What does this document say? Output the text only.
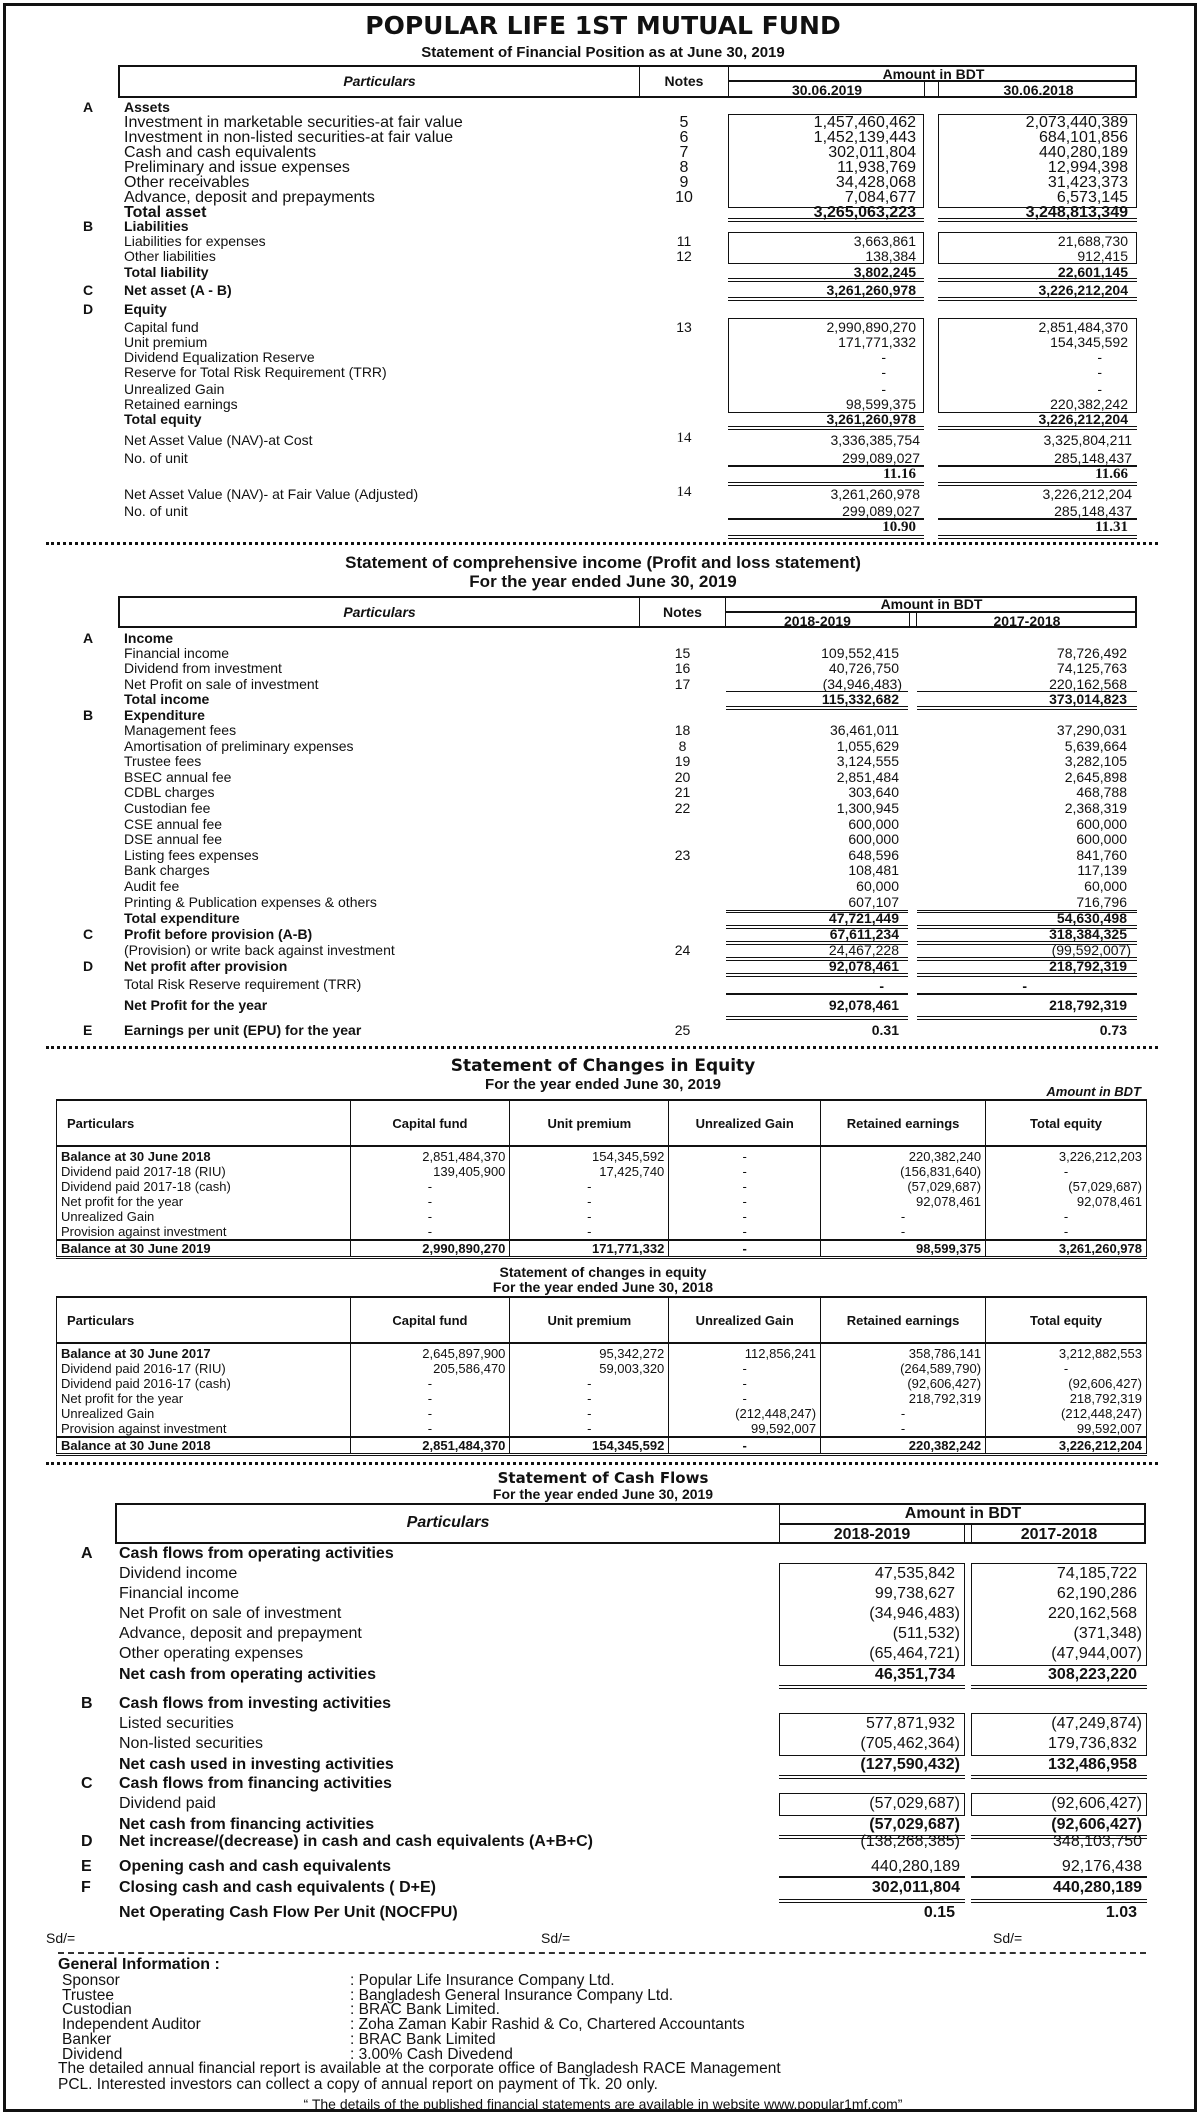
POPULAR LIFE 1ST MUTUAL FUND
Statement of Financial Position as at June 30, 2019
Particulars	Notes	Amount in BDT
30.06.2019	30.06.2018
A Assets
Investment in marketable securities-at fair value	5	1,457,460,462	2,073,440,389
Investment in non-listed securities-at fair value	6	1,452,139,443	684,101,856
Cash and cash equivalents	7	302,011,804	440,280,189
Preliminary and issue expenses	8	11,938,769	12,994,398
Other receivables	9	34,428,068	31,423,373
Advance, deposit and prepayments	10	7,084,677	6,573,145
Total asset	3,265,063,223	3,248,813,349
B Liabilities
Liabilities for expenses	11	3,663,861	21,688,730
Other liabilities	12	138,384	912,415
Total liability	3,802,245	22,601,145
C Net asset (A - B)	3,261,260,978	3,226,212,204
D Equity
Capital fund	13	2,990,890,270	2,851,484,370
Unit premium	171,771,332	154,345,592
Dividend Equalization Reserve	-	-
Reserve for Total Risk Requirement (TRR)	-	-
Unrealized Gain	-	-
Retained earnings	98,599,375	220,382,242
Total equity	3,261,260,978	3,226,212,204
Net Asset Value (NAV)-at Cost	14	3,336,385,754	3,325,804,211
No. of unit	299,089,027	285,148,437
11.16	11.66
Net Asset Value (NAV)- at Fair Value (Adjusted)	14	3,261,260,978	3,226,212,204
No. of unit	299,089,027	285,148,437
10.90	11.31
Statement of comprehensive income (Profit and loss statement)
For the year ended June 30, 2019
Particulars	Notes	Amount in BDT
2018-2019	2017-2018
A Income
Financial income	15	109,552,415	78,726,492
Dividend from investment	16	40,726,750	74,125,763
Net Profit on sale of investment	17	(34,946,483)	220,162,568
Total income	115,332,682	373,014,823
B Expenditure
Management fees	18	36,461,011	37,290,031
Amortisation of preliminary expenses	8	1,055,629	5,639,664
Trustee fees	19	3,124,555	3,282,105
BSEC annual fee	20	2,851,484	2,645,898
CDBL charges	21	303,640	468,788
Custodian fee	22	1,300,945	2,368,319
CSE annual fee	600,000	600,000
DSE annual fee	600,000	600,000
Listing fees expenses	23	648,596	841,760
Bank charges	108,481	117,139
Audit fee	60,000	60,000
Printing & Publication expenses & others	607,107	716,796
Total expenditure	47,721,449	54,630,498
C Profit before provision (A-B)	67,611,234	318,384,325
(Provision) or write back against investment	24	24,467,228	(99,592,007)
D Net profit after provision	92,078,461	218,792,319
Total Risk Reserve requirement (TRR)	-	-
Net Profit for the year	92,078,461	218,792,319
E Earnings per unit (EPU) for the year	25	0.31	0.73
Statement of Changes in Equity
For the year ended June 30, 2019	Amount in BDT
Particulars	Capital fund	Unit premium	Unrealized Gain	Retained earnings	Total equity
Balance at 30 June 2018	2,851,484,370	154,345,592	-	220,382,240	3,226,212,203
Dividend paid 2017-18 (RIU)	139,405,900	17,425,740	-	(156,831,640)	-
Dividend paid 2017-18 (cash)	-	-	-	(57,029,687)	(57,029,687)
Net profit for the year	-	-	-	92,078,461	92,078,461
Unrealized Gain	-	-	-	-	-
Provision against investment	-	-	-	-	-
Balance at 30 June 2019	2,990,890,270	171,771,332	-	98,599,375	3,261,260,978
Statement of changes in equity
For the year ended June 30, 2018
Particulars	Capital fund	Unit premium	Unrealized Gain	Retained earnings	Total equity
Balance at 30 June 2017	2,645,897,900	95,342,272	112,856,241	358,786,141	3,212,882,553
Dividend paid 2016-17 (RIU)	205,586,470	59,003,320	-	(264,589,790)	-
Dividend paid 2016-17 (cash)	-	-	-	(92,606,427)	(92,606,427)
Net profit for the year	-	-	-	218,792,319	218,792,319
Unrealized Gain	-	-	(212,448,247)	-	(212,448,247)
Provision against investment	-	-	99,592,007	-	99,592,007
Balance at 30 June 2018	2,851,484,370	154,345,592	-	220,382,242	3,226,212,204
Statement of Cash Flows
For the year ended June 30, 2019
Particulars
Amount in BDT
2018-2019	2017-2018
A Cash flows from operating activities
Dividend income	47,535,842	74,185,722
Financial income	99,738,627	62,190,286
Net Profit on sale of investment	(34,946,483)	220,162,568
Advance, deposit and prepayment	(511,532)	(371,348)
Other operating expenses	(65,464,721)	(47,944,007)
Net cash from operating activities	46,351,734	308,223,220
B Cash flows from investing activities
Listed securities	577,871,932	(47,249,874)
Non-listed securities	(705,462,364)	179,736,832
Net cash used in investing activities	(127,590,432)	132,486,958
C Cash flows from financing activities
Dividend paid	(57,029,687)	(92,606,427)
Net cash from financing activities	(57,029,687)	(92,606,427)
D Net increase/(decrease) in cash and cash equivalents (A+B+C)	(138,268,385)	348,103,750
E Opening cash and cash equivalents	440,280,189	92,176,438
F Closing cash and cash equivalents ( D+E)	302,011,804	440,280,189
Net Operating Cash Flow Per Unit (NOCFPU)	0.15	1.03
Sd/=	Sd/=	Sd/=
General Information :
Sponsor	: Popular Life Insurance Company Ltd.
Trustee	: Bangladesh General Insurance Company Ltd.
Custodian	: BRAC Bank Limited.
Independent Auditor	: Zoha Zaman Kabir Rashid & Co, Chartered Accountants
Banker	: BRAC Bank Limited
Dividend	: 3.00% Cash Divedend
The detailed annual financial report is available at the corporate office of Bangladesh RACE Management
PCL. Interested investors can collect a copy of annual report on payment of Tk. 20 only.
“ The details of the published financial statements are available in website www.popular1mf.com”
